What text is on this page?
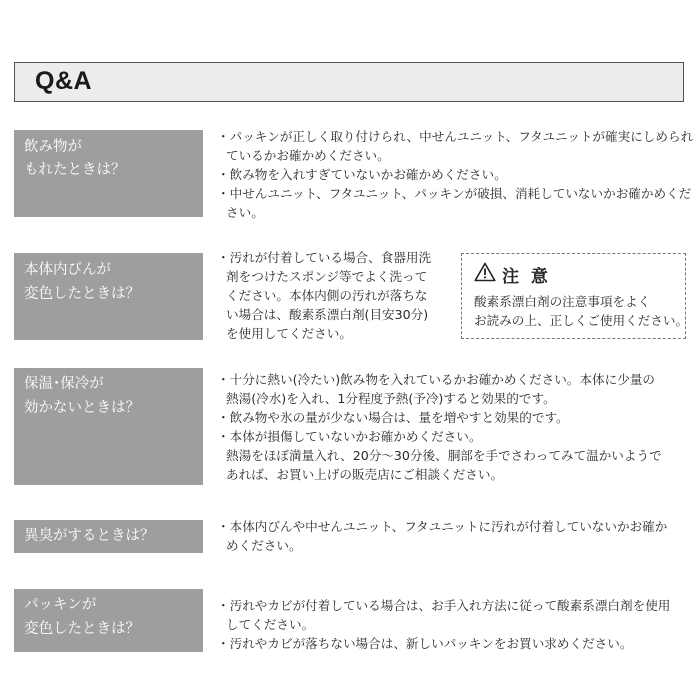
Q&A
飲み物が
もれたときは？
・パッキンが正しく取り付けられ、中せんユニット、フタユニットが確実にしめられ
ているかお確かめください。
・飲み物を入れすぎていないかお確かめください。
・中せんユニット、フタユニット、パッキンが破損、消耗していないかお確かめくだ
さい。
本体内びんが
変色したときは？
・汚れが付着している場合、食器用洗
剤をつけたスポンジ等でよく洗って
ください。本体内側の汚れが落ちな
い場合は、酸素系漂白剤(目安30分)
を使用してください。
注 意
酸素系漂白剤の注意事項をよく
お読みの上、正しくご使用ください。
保温･保冷が
効かないときは？
・十分に熱い(冷たい)飲み物を入れているかお確かめください。本体に少量の
熱湯(冷水)を入れ、1分程度予熱(予冷)すると効果的です。
・飲み物や氷の量が少ない場合は、量を増やすと効果的です。
・本体が損傷していないかお確かめください。
熱湯をほぼ満量入れ、20分～30分後、胴部を手でさわってみて温かいようで
あれば、お買い上げの販売店にご相談ください。
異臭がするときは？
・本体内びんや中せんユニット、フタユニットに汚れが付着していないかお確か
めください。
パッキンが
変色したときは？
・汚れやカビが付着している場合は、お手入れ方法に従って酸素系漂白剤を使用
してください。
・汚れやカビが落ちない場合は、新しいパッキンをお買い求めください。
